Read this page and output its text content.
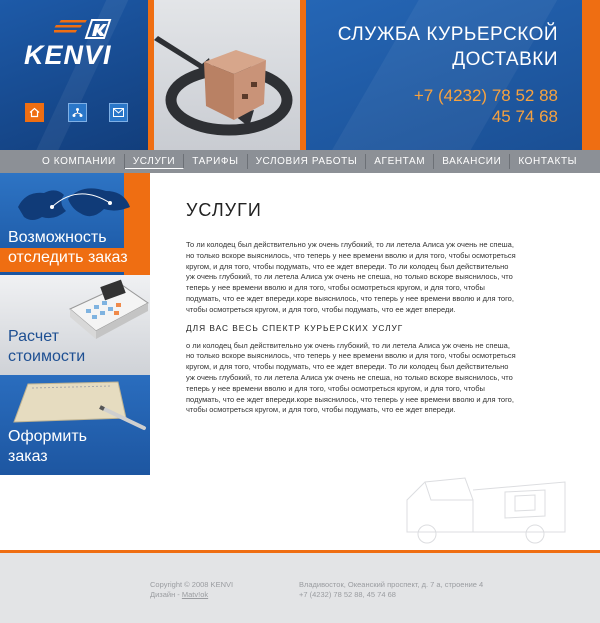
KENVI
СЛУЖБА КУРЬЕРСКОЙ
ДОСТАВКИ
+7 (4232) 78 52 88
45 74 68
О КОМПАНИИ	УСЛУГИ	ТАРИФЫ	УСЛОВИЯ РАБОТЫ	АГЕНТАМ	ВАКАНСИИ	КОНТАКТЫ
Возможность
отследить заказ
Расчет
стоимости
Оформить
заказ
УСЛУГИ

То ли колодец был действительно уж очень глубокий, то ли летела Алиса уж очень не спеша, но только вскоре выяснилось, что теперь у нее времени вволю и для того, чтобы осмотреться кругом, и для того, чтобы подумать, что ее ждет впереди. То ли колодец был действительно уж очень глубокий, то ли летела Алиса уж очень не спеша, но только вскоре выяснилось, что теперь у нее времени вволю и для того, чтобы осмотреться кругом, и для того, чтобы подумать, что ее ждет впереди.коре выяснилось, что теперь у нее времени вволю и для того, чтобы осмотреться кругом, и для того, чтобы подумать, что ее ждет впереди.

ДЛЯ ВАС ВЕСЬ СПЕКТР КУРЬЕРСКИХ УСЛУГ

о ли колодец был действительно уж очень глубокий, то ли летела Алиса уж очень не спеша, но только вскоре выяснилось, что теперь у нее времени вволю и для того, чтобы осмотреться кругом, и для того, чтобы подумать, что ее ждет впереди. То ли колодец был действительно уж очень глубокий, то ли летела Алиса уж очень не спеша, но только вскоре выяснилось, что теперь у нее времени вволю и для того, чтобы осмотреться кругом, и для того, чтобы подумать, что ее ждет впереди.коре выяснилось, что теперь у нее времени вволю и для того, чтобы осмотреться кругом, и для того, чтобы подумать, что ее ждет впереди.

Copyright © 2008 KENVI
Дизайн - Matv!ok
Владивосток, Океанский проспект, д. 7 а, строение 4
+7 (4232) 78 52 88, 45 74 68
